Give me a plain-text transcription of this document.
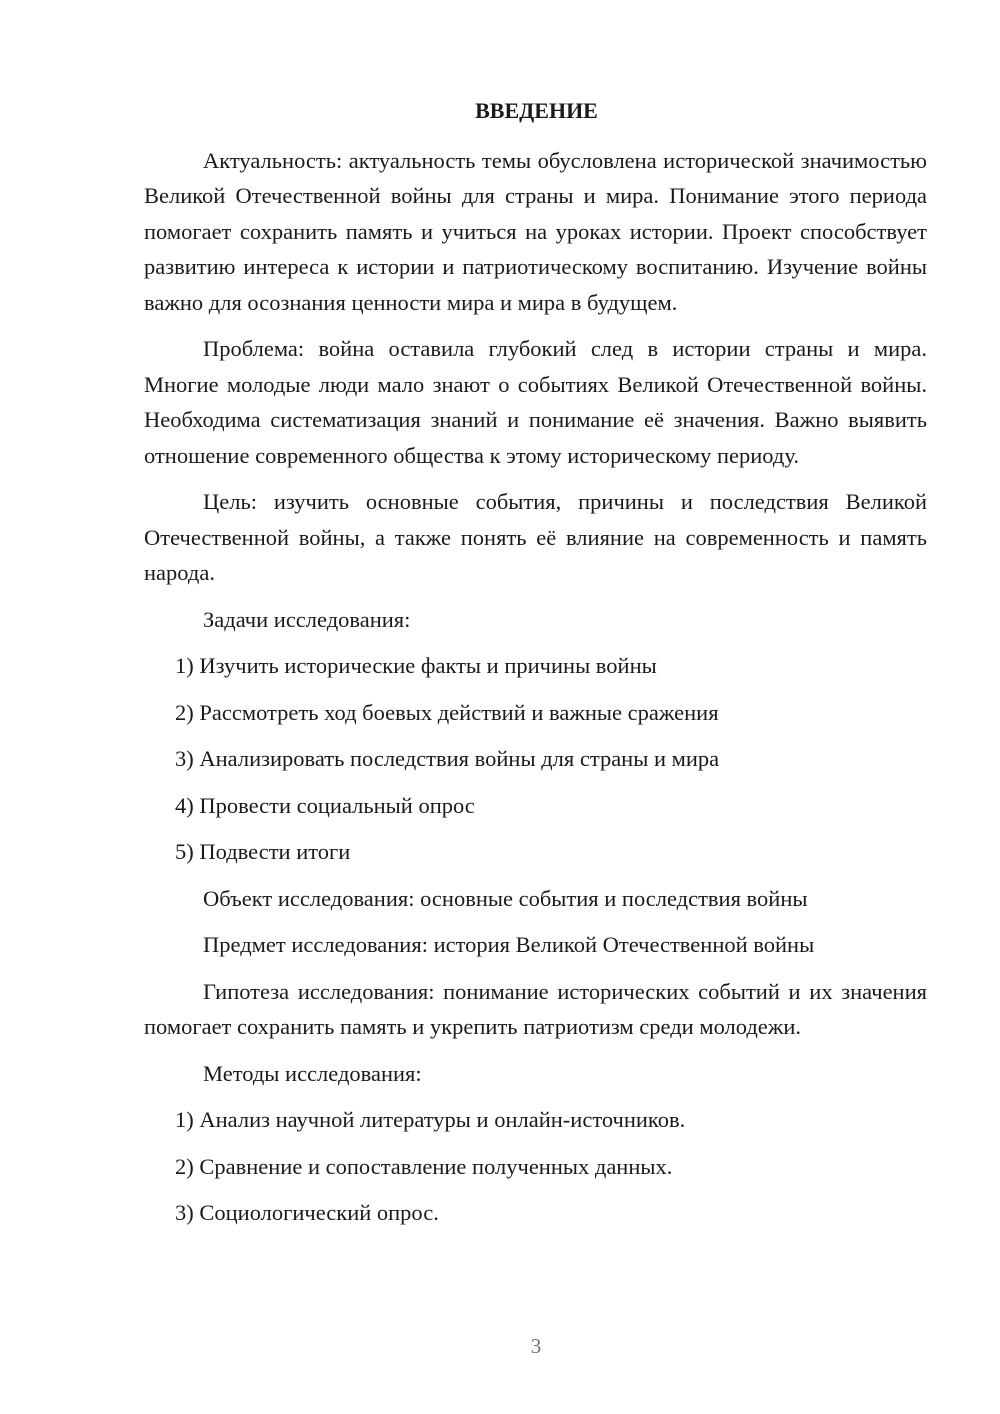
ВВЕДЕНИЕ

Актуальность: актуальность темы обусловлена исторической значимостью Великой Отечественной войны для страны и мира. Понимание этого периода помогает сохранить память и учиться на уроках истории. Проект способствует развитию интереса к истории и патриотическому воспитанию. Изучение войны важно для осознания ценности мира и мира в будущем.

Проблема: война оставила глубокий след в истории страны и мира. Многие молодые люди мало знают о событиях Великой Отечественной войны. Необходима систематизация знаний и понимание её значения. Важно выявить отношение современного общества к этому историческому периоду.

Цель: изучить основные события, причины и последствия Великой Отечественной войны, а также понять её влияние на современность и память народа.

Задачи исследования:

1) Изучить исторические факты и причины войны

2) Рассмотреть ход боевых действий и важные сражения

3) Анализировать последствия войны для страны и мира

4) Провести социальный опрос

5) Подвести итоги

Объект исследования: основные события и последствия войны

Предмет исследования: история Великой Отечественной войны

Гипотеза исследования: понимание исторических событий и их значения помогает сохранить память и укрепить патриотизм среди молодежи.

Методы исследования:

1) Анализ научной литературы и онлайн-источников.

2) Сравнение и сопоставление полученных данных.

3) Социологический опрос.

3
